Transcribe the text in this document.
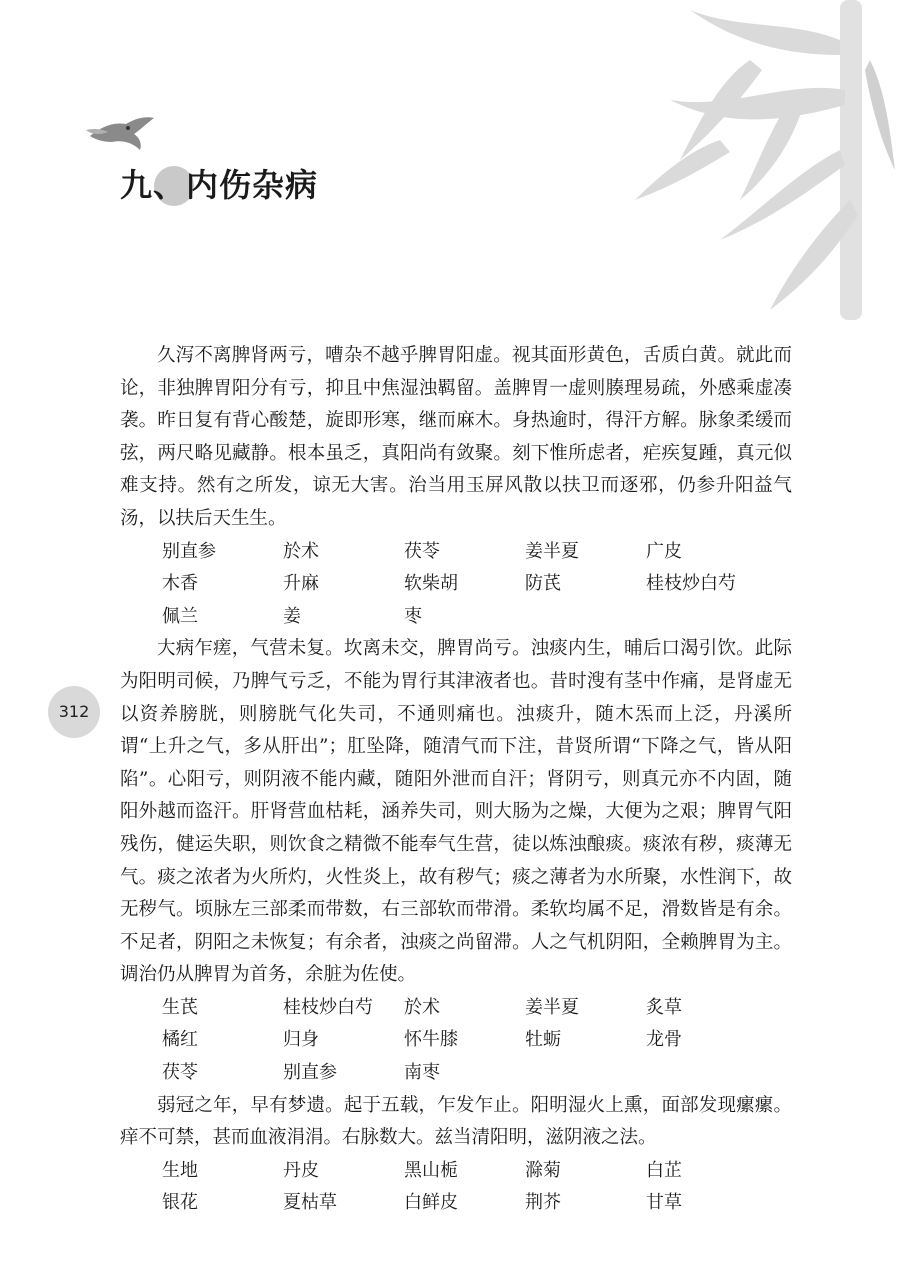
九、内伤杂病
312

久泻不离脾肾两亏，嘈杂不越乎脾胃阳虚。视其面形黄色，舌质白黄。就此而论，非独脾胃阳分有亏，抑且中焦湿浊羁留。盖脾胃一虚则腠理易疏，外感乘虚凑袭。昨日复有背心酸楚，旋即形寒，继而麻木。身热逾时，得汗方解。脉象柔缓而弦，两尺略见藏静。根本虽乏，真阳尚有敛聚。刻下惟所虑者，疟疾复踵，真元似难支持。然有之所发，谅无大害。治当用玉屏风散以扶卫而逐邪，仍参升阳益气汤，以扶后天生生。

别直参	於术	茯苓	姜半夏	广皮
木香	升麻	软柴胡	防芪	桂枝炒白芍
佩兰	姜	枣

大病乍瘥，气营未复。坎离未交，脾胃尚亏。浊痰内生，晡后口渴引饮。此际为阳明司候，乃脾气亏乏，不能为胃行其津液者也。昔时溲有茎中作痛，是肾虚无以资养膀胱，则膀胱气化失司，不通则痛也。浊痰升，随木炁而上泛，丹溪所谓“上升之气，多从肝出”；肛坠降，随清气而下注，昔贤所谓“下降之气，皆从阳陷”。心阳亏，则阴液不能内藏，随阳外泄而自汗；肾阴亏，则真元亦不内固，随阳外越而盗汗。肝肾营血枯耗，涵养失司，则大肠为之燥，大便为之艰；脾胃气阳残伤，健运失职，则饮食之精微不能奉气生营，徒以炼浊酿痰。痰浓有秽，痰薄无气。痰之浓者为火所灼，火性炎上，故有秽气；痰之薄者为水所聚，水性润下，故无秽气。顷脉左三部柔而带数，右三部软而带滑。柔软均属不足，滑数皆是有余。不足者，阴阳之未恢复；有余者，浊痰之尚留滞。人之气机阴阳，全赖脾胃为主。调治仍从脾胃为首务，余脏为佐使。

生芪	桂枝炒白芍	於术	姜半夏	炙草
橘红	归身	怀牛膝	牡蛎	龙骨
茯苓	别直参	南枣

弱冠之年，早有梦遗。起于五载，乍发乍止。阳明湿火上熏，面部发现瘰瘰。痒不可禁，甚而血液涓涓。右脉数大。兹当清阳明，滋阴液之法。

生地	丹皮	黑山栀	滁菊	白芷
银花	夏枯草	白鲜皮	荆芥	甘草
